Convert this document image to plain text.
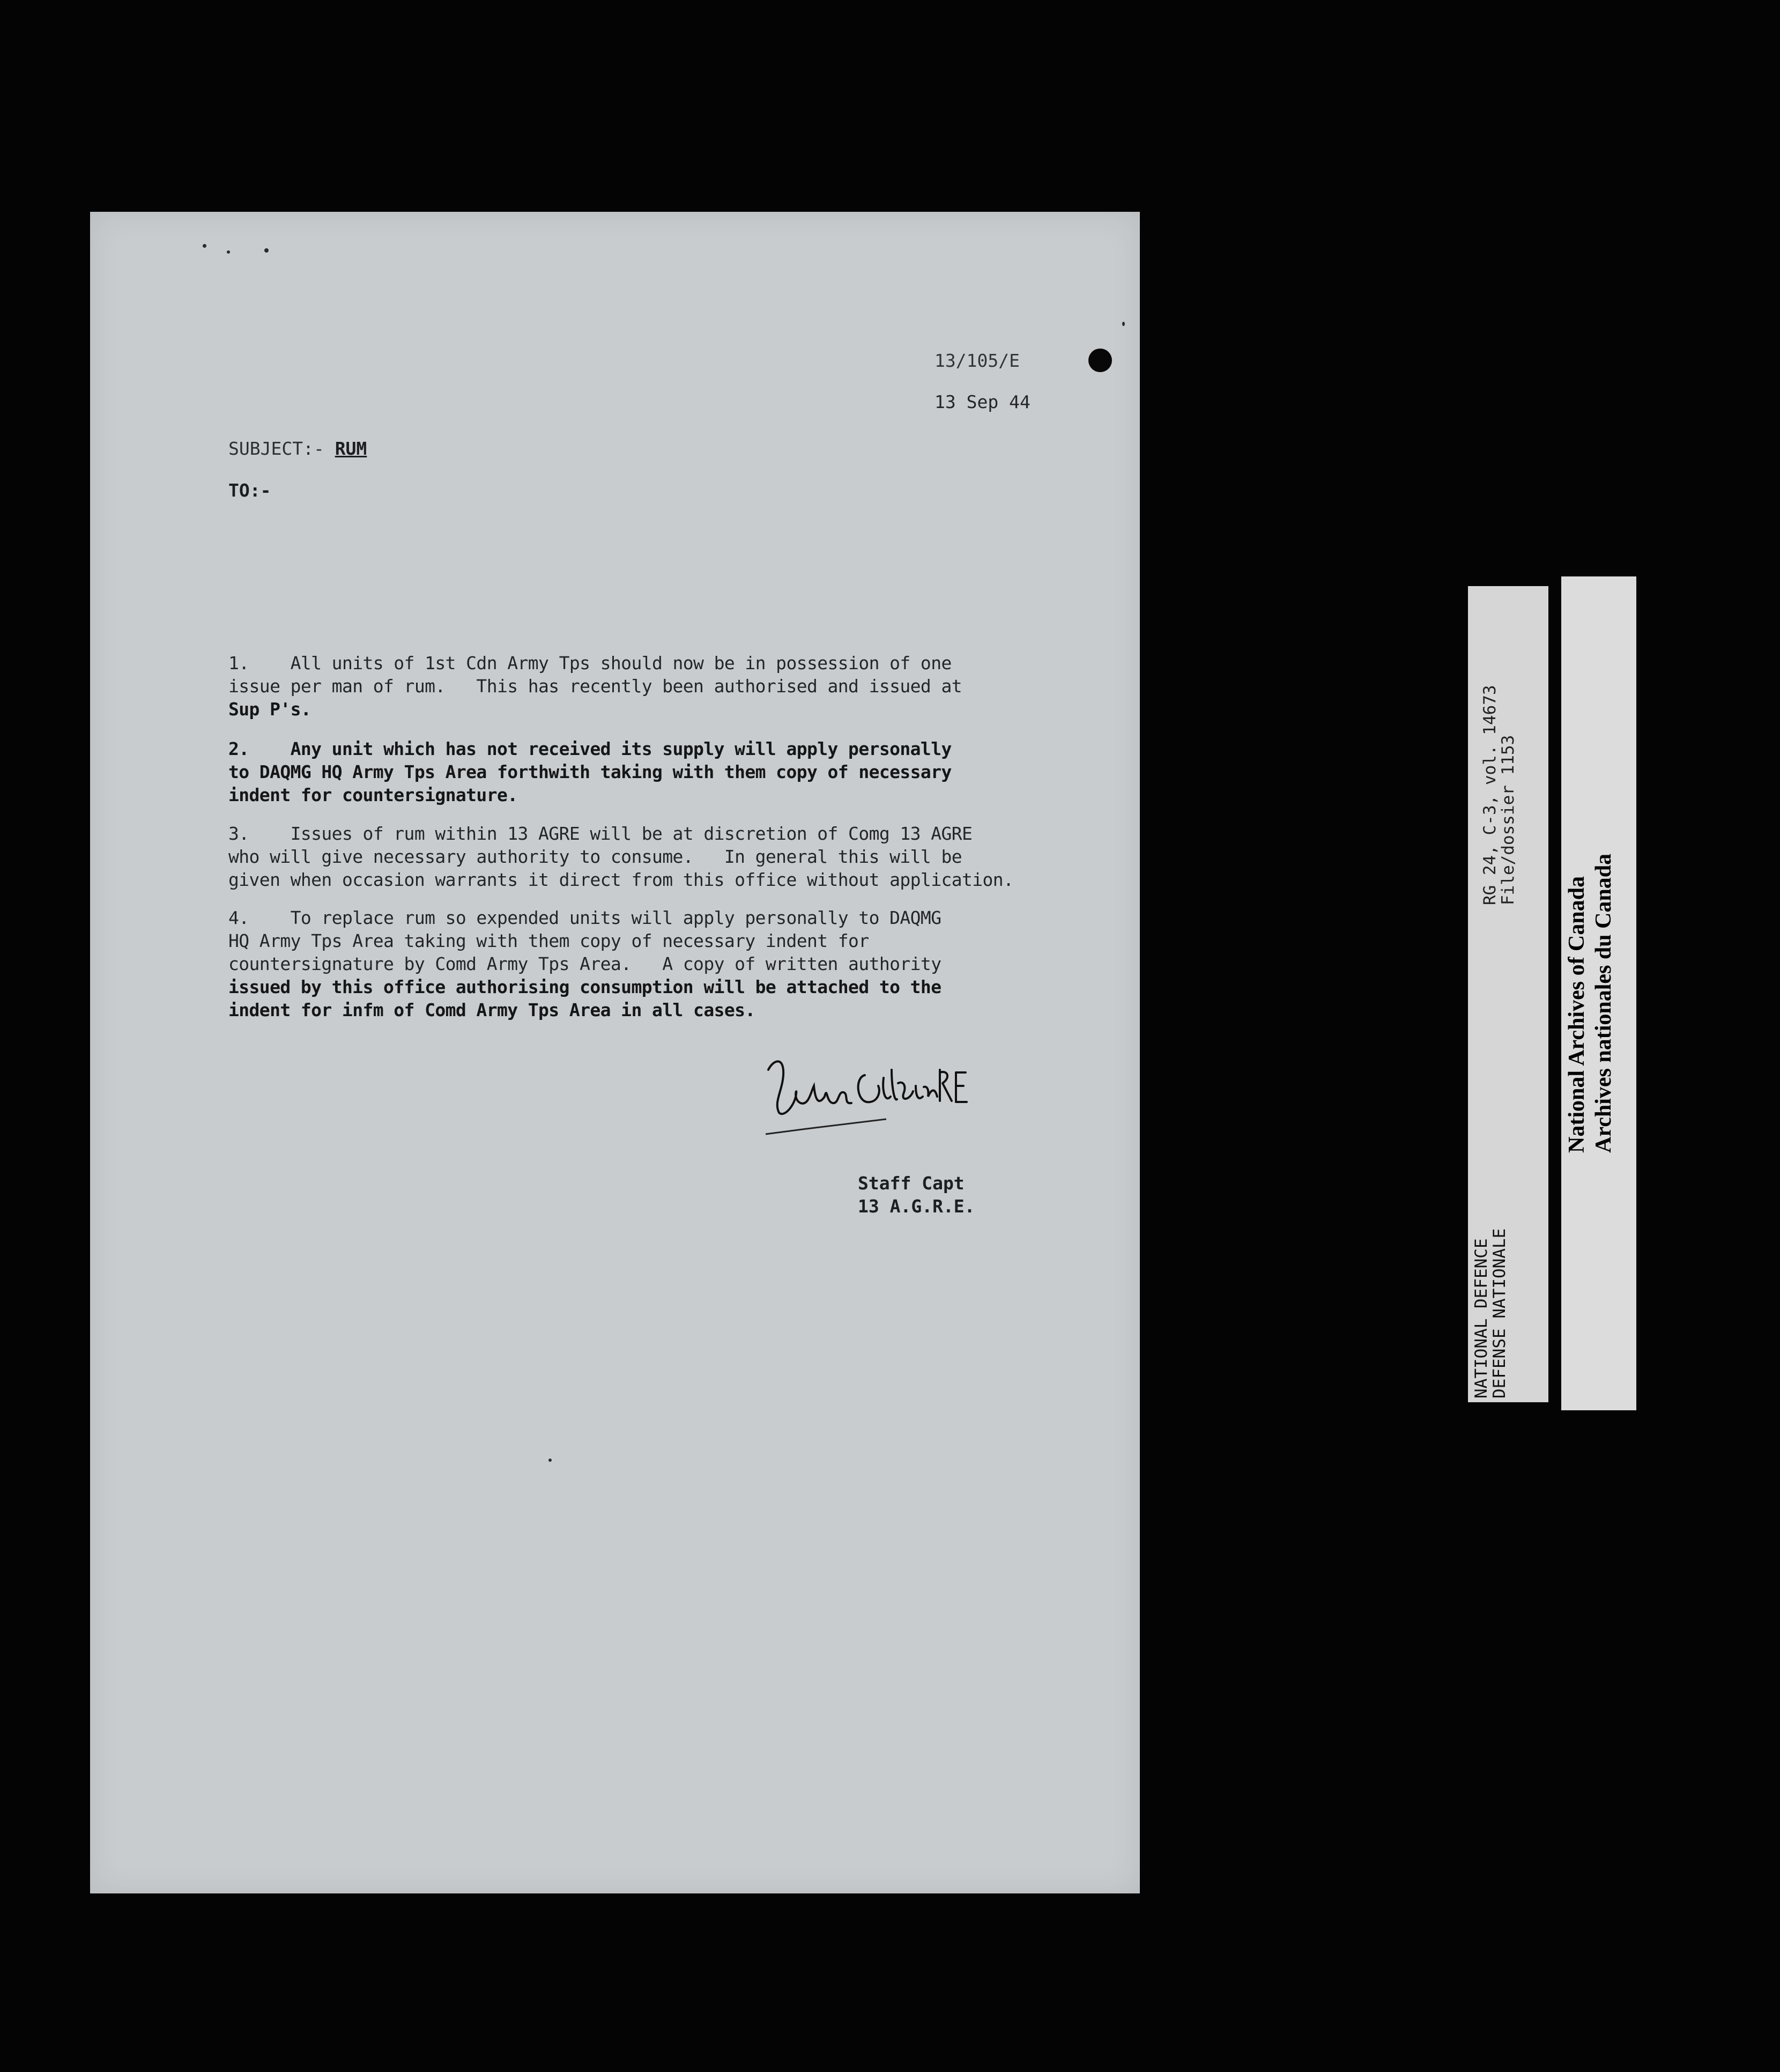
13/105/E
13 Sep 44
SUBJECT:- RUM
TO:-
1.    All units of 1st Cdn Army Tps should now be in possession of one
issue per man of rum.   This has recently been authorised and issued at
Sup P's.
2.    Any unit which has not received its supply will apply personally
to DAQMG HQ Army Tps Area forthwith taking with them copy of necessary
indent for countersignature.
3.    Issues of rum within 13 AGRE will be at discretion of Comg 13 AGRE
who will give necessary authority to consume.   In general this will be
given when occasion warrants it direct from this office without application.
4.    To replace rum so expended units will apply personally to DAQMG
HQ Army Tps Area taking with them copy of necessary indent for
countersignature by Comd Army Tps Area.   A copy of written authority
issued by this office authorising consumption will be attached to the
indent for infm of Comd Army Tps Area in all cases.
Captain RE
Staff Capt
13 A.G.R.E.
NATIONAL DEFENCE
DEFENSE NATIONALE
RG 24, C-3, vol. 14673
File/dossier 1153
National Archives of Canada Archives nationales du Canada
